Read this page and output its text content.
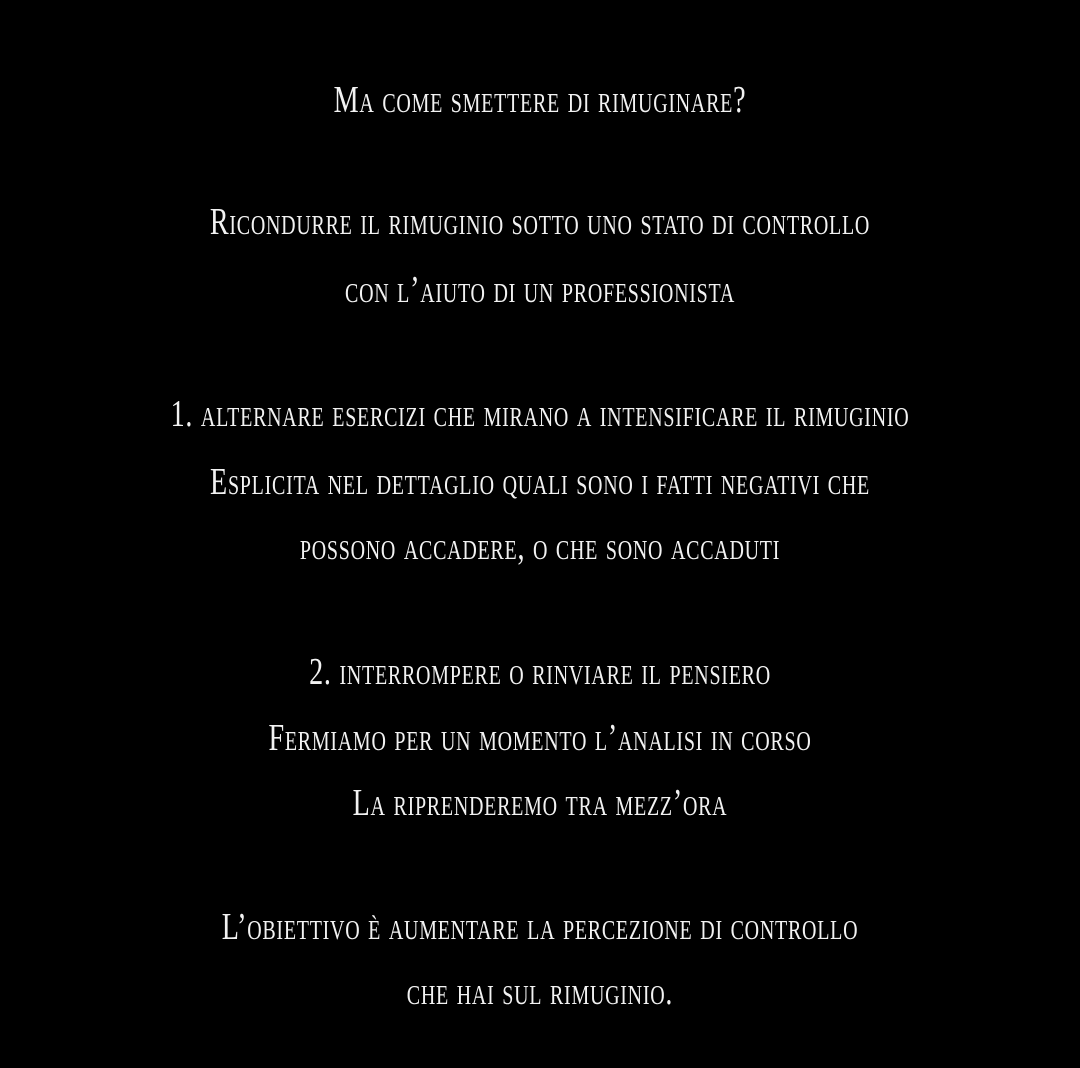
Ma come smettere di rimuginare?
Ricondurre il rimuginio sotto uno stato di controllo
con l’aiuto di un professionista
1. alternare esercizi che mirano a intensificare il rimuginio
Esplicita nel dettaglio quali sono i fatti negativi che
possono accadere, o che sono accaduti
2. interrompere o rinviare il pensiero
Fermiamo per un momento l’analisi in corso
La riprenderemo tra mezz’ora
L’obiettivo è aumentare la percezione di controllo
che hai sul rimuginio.
